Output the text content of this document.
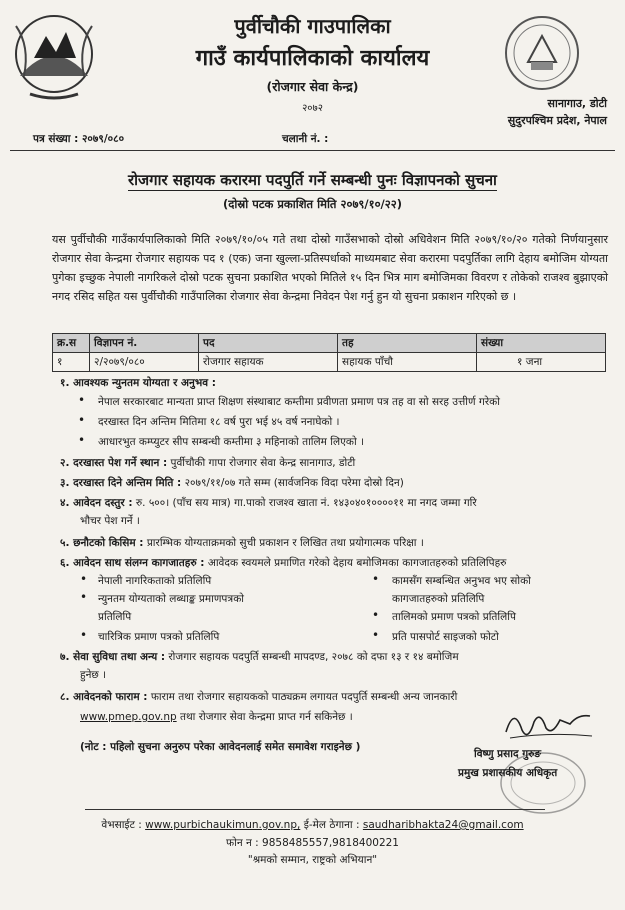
पुर्वीचौकी गाउपालिका
गाउँ कार्यपालिकाको कार्यालय
(रोजगार सेवा केन्द्र)
२०७२	सानागाउ, डोटी
सुदुरपश्चिम प्रदेश, नेपाल
पत्र संख्या : २०७९/०८०	चलानी नं. :
रोजगार सहायक करारमा पदपुर्ति गर्ने सम्बन्धी पुनः विज्ञापनको सुचना
(दोस्रो पटक प्रकाशित मिति २०७९/१०/२२)
यस पुर्वीचौकी गाउँकार्यपालिकाको मिति २०७९/१०/०५ गते तथा दोस्रो गाउँसभाको दोस्रो अधिवेशन मिति २०७९/१०/२० गतेको निर्णयानुसार रोजगार सेवा केन्द्रमा रोजगार सहायक पद १ (एक) जना खुल्ला-प्रतिस्पर्धाको माध्यमबाट सेवा करारमा पदपुर्तिका लागि देहाय बमोजिम योग्यता पुगेका इच्छुक नेपाली नागरिकले दोस्रो पटक सुचना प्रकाशित भएको मितिले १५ दिन भित्र माग बमोजिमका विवरण र तोकेको राजश्व बुझाएको नगद रसिद सहित यस पुर्वीचौकी गाउँपालिका रोजगार सेवा केन्द्रमा निवेदन पेश गर्नु हुन यो सुचना प्रकाशन गरिएको छ ।
क्र.स	विज्ञापन नं.	पद	तह	संख्या
१	२/२०७९/०८०	रोजगार सहायक	सहायक पाँचौ	१ जना
१. आवश्यक न्युनतम योग्यता र अनुभव :
• नेपाल सरकारबाट मान्यता प्राप्त शिक्षण संस्थाबाट कम्तीमा प्रवीणता प्रमाण पत्र तह वा सो सरह उत्तीर्ण गरेको
• दरखास्त दिन अन्तिम मितिमा १८ वर्ष पुरा भई ४५ वर्ष ननाघेको ।
• आधारभुत कम्प्युटर सीप सम्बन्धी कम्तीमा ३ महिनाको तालिम लिएको ।
२. दरखास्त पेश गर्ने स्थान : पुर्वीचौकी गापा रोजगार सेवा केन्द्र सानागाउ, डोटी
३. दरखास्त दिने अन्तिम मिति : २०७९/११/०७ गते सम्म (सार्वजनिक विदा परेमा दोस्रो दिन)
४. आवेदन दस्तुर : रु. ५००। (पाँच सय मात्र) गा.पाको राजश्व खाता नं. १४३०४०१००००११ मा नगद जम्मा गरि
भौचर पेश गर्ने ।
५. छनौटको किसिम : प्रारम्भिक योग्यताक्रमको सुची प्रकाशन र लिखित तथा प्रयोगात्मक परिक्षा ।
६. आवेदन साथ संलग्न कागजातहरु : आवेदक स्वयमले प्रमाणित गरेको देहाय बमोजिमका कागजातहरुको प्रतिलिपिहरु
• नेपाली नागरिकताको प्रतिलिपि	• कामसँग सम्बन्धित अनुभव भए सोको
• न्युनतम योग्यताको लब्धाङ्क प्रमाणपत्रको	कागजातहरुको प्रतिलिपि
प्रतिलिपि	• तालिमको प्रमाण पत्रको प्रतिलिपि
• चारित्रिक प्रमाण पत्रको प्रतिलिपि	• प्रति पासपोर्ट साइजको फोटो
७. सेवा सुविधा तथा अन्य : रोजगार सहायक पदपुर्ति सम्बन्धी मापदण्ड, २०७८ को दफा १३ र १४ बमोजिम
हुनेछ ।
८. आवेदनको फाराम : फाराम तथा रोजगार सहायकको पाठ्यक्रम लगायत पदपुर्ति सम्बन्धी अन्य जानकारी
www.pmep.gov.np तथा रोजगार सेवा केन्द्रमा प्राप्त गर्न सकिनेछ ।
(नोट : पहिलो सुचना अनुरुप परेका आवेदनलाई समेत समावेश गराइनेछ )
विष्णु प्रसाद गुरुङ
प्रमुख प्रशासकीय अधिकृत
वेभसाईट : www.purbichaukimun.gov.np, ई-मेल ठेगाना : saudharibhakta24@gmail.com
फोन न : 9858485557,9818400221
"श्रमको सम्मान, राष्ट्रको अभियान"
